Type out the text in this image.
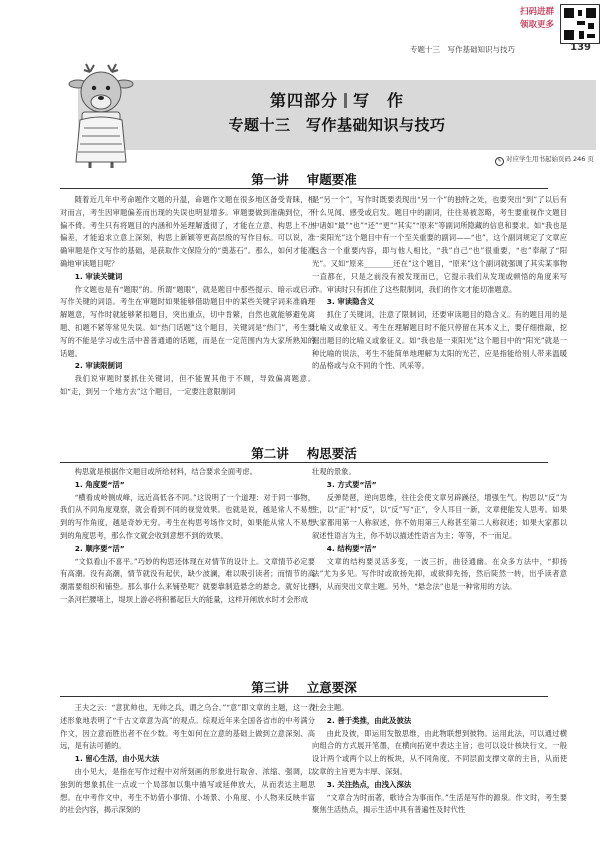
扫码进群
领取更多
专题十三　写作基础知识与技巧	139
第四部分 写　作
专题十三　写作基础知识与技巧
✎ 对应学生用书起始页码 246 页
第一讲 审题要准

随着近几年中考命题作文题的升温，命题作文题在很多地区备受青睐，相对而言，考生因审题偏差而出现的失误也明显增多。审题要做到准确到位，不偏不倚。考生只有将题目的内涵和外延理解透彻了，才能在立意、构思上不出偏差，才能追求立意上深刻，构思上新颖等更高层级的写作目标。可以说，准确审题是作文写作的基础，是获取作文保险分的“奠基石”。那么，如何才能准确地审读题目呢？

1. 审读关键词

作文题也是有“题眼”的。所谓“题眼”，就是题目中那些提示、暗示或启示写作关键的词语。考生在审题时如果能够借助题目中的某些关键字词来准确理解题意，写作时就能够紧扣题目，突出重点，切中肯綮，自然也就能够避免离题、扣题不紧等常见失误。如“热门话题”这个题目，关键词是“热门”，考生要写的不能是学习或生活中普普通通的话题，而是在一定范围内为大家所熟知的话题。

2. 审读限制词

我们说审题时要抓住关键词，但不能置其他于不顾，导致偏离题意。如“走，到另一个地方去”这个题目，一定要注意限制词

是“另一个”，写作时既要表现出“另一个”的独特之处，也要突出“到”了以后有什么见闻、感受或启发。题目中的副词，往往易被忽略，考生要重视作文题目中诸如“最”“也”“还”“更”“其实”“原来”等副词所隐藏的信息和要求。如“我也是一束阳光”这个题目中有一个至关重要的副词——“也”，这个副词规定了文章应包含一个重要内容，即与他人相比，“我”自己“也”很重要，“也”奉献了“阳光”。又如“原来________还在”这个题目，“原来”这个副词就强调了其实某事物一直都在，只是之前没有被发现而已，它提示我们从发现或顿悟的角度来写作。审读时只有抓住了这些限制词，我们的作文才能切准题意。

3. 审读隐含义

抓住了关键词，注意了限制词，还要审读题目的隐含义。有的题目用的是比喻义或象征义。考生在理解题目时不能只停留在其本义上，要仔细推敲，挖掘出题目的比喻义或象征义。如“我也是一束阳光”这个题目中的“阳光”就是一种比喻的说法，考生不能简单地理解为太阳的光芒，应是指能给别人带来温暖的品格或与众不同的个性、风采等。

第二讲 构思要活

构思就是根据作文题目或所给材料，结合要求全面考虑。

1. 角度要“活”

“横看成岭侧成峰，远近高低各不同。”这说明了一个道理：对于同一事物，我们从不同角度观察，就会看到不同的视觉效果。也就是说，越是常人不易想到的写作角度，越是奇妙无穷。考生在构思考场作文时，如果能从常人不易想到的角度思考，那么作文就会收到意想不到的效果。

2. 顺序要“活”

“文似看山不喜平。”巧妙的构思还体现在对情节的设计上。文章情节必定要有高潮。没有高潮，情节就没有起伏，缺少波澜，难以吸引读者；而情节的高潮需要组织和铺垫。那么事什么来铺垫呢？就要靠制造悬念的悬念。就好比把一条河拦腰堵上，堤坝上游必将积蓄起巨大的能量，这样开闸放水时才会形成

壮观的景象。

3. 方式要“活”

反弹琵琶，逆向思维，往往会使文章另辟蹊径，增强生气。构思以“反”为主，以“正”衬“反”，以“反”写“正”，令人耳目一新，文章便能发人思考。如果大家都用第一人称叙述，你不妨用第三人称甚至第二人称叙述；如果大家都以叙述性语言为主，你不妨以描述性语言为主；等等，不一而足。

4. 结构要“活”

文章的结构要灵活多变，一波三折，曲径通幽。在众多方法中，“抑扬法”尤为多见。写作时或欲扬先抑，或欲抑先扬，然后陡然一转，出乎读者意料，从而突出文章主题。另外，“悬念法”也是一种常用的方法。

第三讲 立意要深

王夫之云：“意犹帅也，无帅之兵，谓之乌合。”“意”即文章的主题，这一表述形象地表明了“千古文章意为高”的观点。综观近年来全国各省市的中考满分作文，因立意而胜出者不在少数。考生如何在立意的基础上做到立意深刻、高远，是有法可循的。

1. 留心生活，由小见大法

由小见大，是指在写作过程中对所刻画的形象进行取舍、浓缩、强调，以独到的想象抓住一点或一个局部加以集中描写或延伸放大，从而表达主题思想。在中考作文中，考生不妨借小事情、小场景、小角度、小人物来反映丰富的社会内容，揭示深刻的

社会主题。

2. 善于类推，由此及彼法

由此及彼，即运用发散思维，由此物联想到彼物。运用此法，可以通过横向组合的方式展开笔墨，在横向拓宽中表达主旨；也可以设计核块行文，一般设计两个或两个以上的板块，从不同角度、不同层面支撑文章的主旨，从而使文章的主旨更为丰厚、深刻。

3. 关注热点，由浅入深法

“文章合为时而著，歌诗合为事而作。”生活是写作的源泉。作文时，考生要聚焦生活热点，揭示生活中具有普遍性及时代性
